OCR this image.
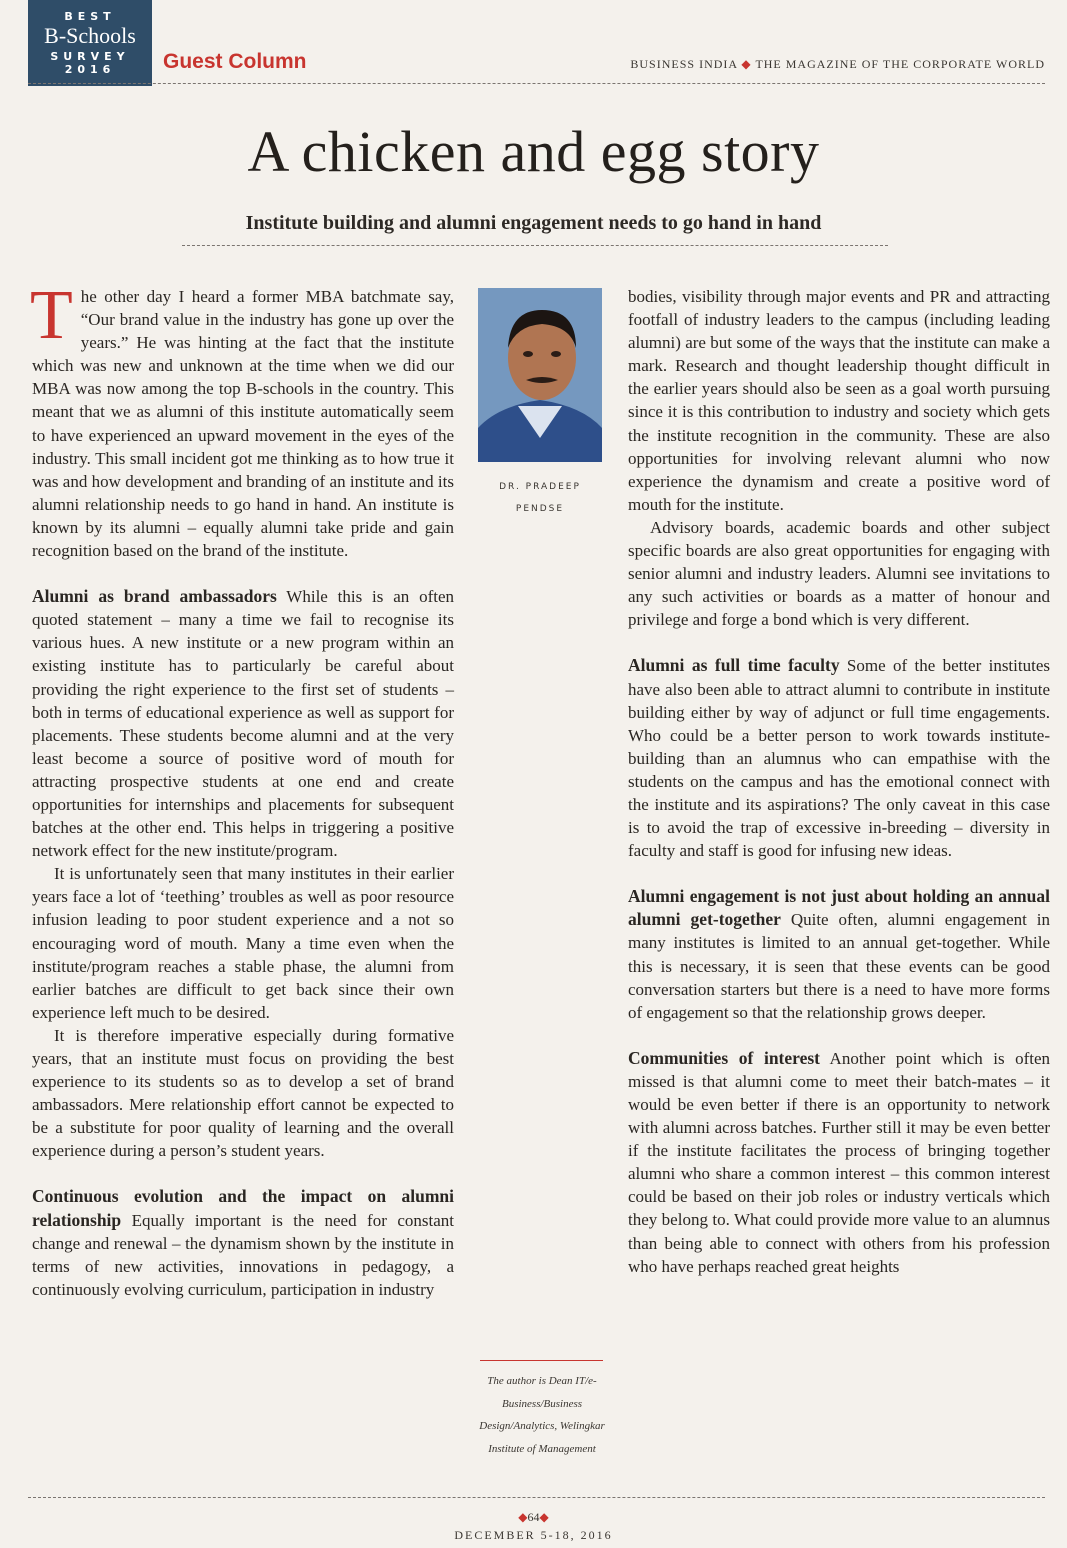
BEST
B-Schools
SURVEY
2016	Guest Column	BUSINESS INDIA ◆ THE MAGAZINE OF THE CORPORATE WORLD
A chicken and egg story
Institute building and alumni engagement needs to go hand in hand

The other day I heard a former MBA batchmate say, “Our brand value in the industry has gone up over the years.” He was hinting at the fact that the institute which was new and unknown at the time when we did our MBA was now among the top B-schools in the country. This meant that we as alumni of this institute automatically seem to have experienced an upward movement in the eyes of the industry. This small incident got me thinking as to how true it was and how development and branding of an institute and its alumni relationship needs to go hand in hand. An institute is known by its alumni – equally alumni take pride and gain recognition based on the brand of the institute.

Alumni as brand ambassadors While this is an often quoted statement – many a time we fail to recognise its various hues. A new institute or a new program within an existing institute has to particularly be careful about providing the right experience to the first set of students – both in terms of educational experience as well as support for placements. These students become alumni and at the very least become a source of positive word of mouth for attracting prospective students at one end and create opportunities for internships and placements for subsequent batches at the other end. This helps in triggering a positive network effect for the new institute/program.

It is unfortunately seen that many institutes in their earlier years face a lot of ‘teething’ troubles as well as poor resource infusion leading to poor student experience and a not so encouraging word of mouth. Many a time even when the institute/program reaches a stable phase, the alumni from earlier batches are difficult to get back since their own experience left much to be desired.

It is therefore imperative especially during formative years, that an institute must focus on providing the best experience to its students so as to develop a set of brand ambassadors. Mere relationship effort cannot be expected to be a substitute for poor quality of learning and the overall experience during a person’s student years.

Continuous evolution and the impact on alumni relationship Equally important is the need for constant change and renewal – the dynamism shown by the institute in terms of new activities, innovations in pedagogy, a continuously evolving curriculum, participation in industry

DR. PRADEEP
PENDSE
The author is Dean IT/e-Business/Business Design/Analytics, Welingkar Institute of Management

bodies, visibility through major events and PR and attracting footfall of industry leaders to the campus (including leading alumni) are but some of the ways that the institute can make a mark. Research and thought leadership thought difficult in the earlier years should also be seen as a goal worth pursuing since it is this contribution to industry and society which gets the institute recognition in the community. These are also opportunities for involving relevant alumni who now experience the dynamism and create a positive word of mouth for the institute.

Advisory boards, academic boards and other subject specific boards are also great opportunities for engaging with senior alumni and industry leaders. Alumni see invitations to any such activities or boards as a matter of honour and privilege and forge a bond which is very different.

Alumni as full time faculty Some of the better institutes have also been able to attract alumni to contribute in institute building either by way of adjunct or full time engagements. Who could be a better person to work towards institute-building than an alumnus who can empathise with the students on the campus and has the emotional connect with the institute and its aspirations? The only caveat in this case is to avoid the trap of excessive in-breeding – diversity in faculty and staff is good for infusing new ideas.

Alumni engagement is not just about holding an annual alumni get-together Quite often, alumni engagement in many institutes is limited to an annual get-together. While this is necessary, it is seen that these events can be good conversation starters but there is a need to have more forms of engagement so that the relationship grows deeper.

Communities of interest Another point which is often missed is that alumni come to meet their batch-mates – it would be even better if there is an opportunity to network with alumni across batches. Further still it may be even better if the institute facilitates the process of bringing together alumni who share a common interest – this common interest could be based on their job roles or industry verticals which they belong to. What could provide more value to an alumnus than being able to connect with others from his profession who have perhaps reached great heights

◆64◆
DECEMBER 5-18, 2016
